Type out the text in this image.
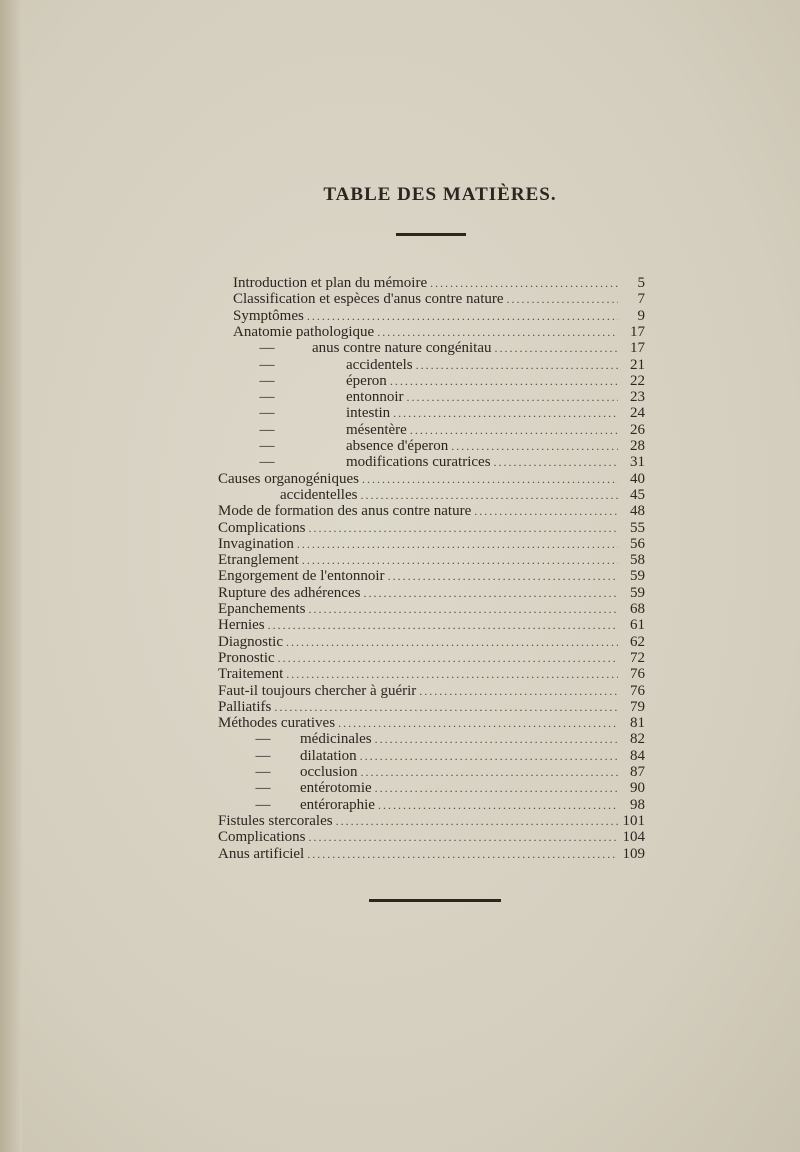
TABLE DES MATIÈRES.
Introduction et plan du mémoire .....	5
Classification et espèces d'anus contre nature .....	7
Symptômes .....	9
Anatomie pathologique .....	17
—	anus contre nature congénitau .....	17
—	accidentels .....	21
—	éperon .....	22
—	entonnoir .....	23
—	intestin .....	24
—	mésentère .....	26
—	absence d'éperon .....	28
—	modifications curatrices .....	31
Causes organogéniques .....	40
accidentelles .....	45
Mode de formation des anus contre nature .....	48
Complications .....	55
Invagination .....	56
Etranglement .....	58
Engorgement de l'entonnoir .....	59
Rupture des adhérences .....	59
Epanchements .....	68
Hernies .....	61
Diagnostic .....	62
Pronostic .....	72
Traitement .....	76
Faut-il toujours chercher à guérir .....	76
Palliatifs .....	79
Méthodes curatives .....	81
—	médicinales .....	82
—	dilatation .....	84
—	occlusion .....	87
—	entérotomie .....	90
—	entéroraphie .....	98
Fistules stercorales .....	101
Complications .....	104
Anus artificiel .....	109
